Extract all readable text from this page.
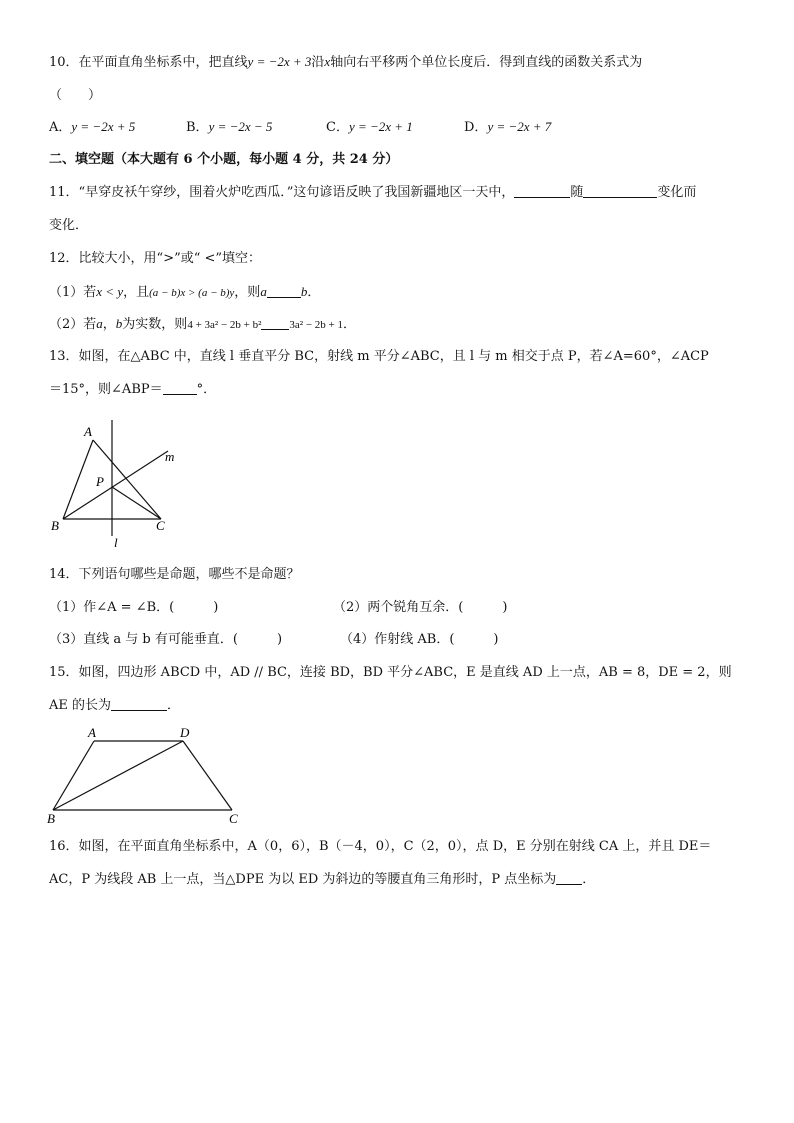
10．在平面直角坐标系中，把直线y = −2x + 3沿x轴向右平移两个单位长度后．得到直线的函数关系式为
（　　）
A．y = −2x + 5	B．y = −2x − 5	C．y = −2x + 1	D．y = −2x + 7
二、填空题（本大题有 6 个小题，每小题 4 分，共 24 分）
11．“早穿皮袄午穿纱，围着火炉吃西瓜．”这句谚语反映了我国新疆地区一天中，	随	变化而
变化．
12．比较大小，用“>”或“ <”填空：
（1）若x < y，且(a − b)x > (a − b)y，则a	b．
（2）若a，b为实数，则4 + 3a² − 2b + b²	3a² − 2b + 1．
13．如图，在△ABC 中，直线 l 垂直平分 BC，射线 m 平分∠ABC，且 l 与 m 相交于点 P，若∠A=60°，∠ACP
＝15°，则∠ABP＝	°．
A
B	C
P
m
l
14．下列语句哪些是命题，哪些不是命题？
（1）作∠A = ∠B．(　　　)	（2）两个锐角互余．(　　　)
（3）直线 a 与 b 有可能垂直．(　　　)	（4）作射线 AB．(　　　)
15．如图，四边形 ABCD 中，AD // BC，连接 BD，BD 平分∠ABC，E 是直线 AD 上一点，AB = 8，DE = 2，则
AE 的长为	．
A	D
B	C
16．如图，在平面直角坐标系中，A（0，6），B（－4，0），C（2，0），点 D，E 分别在射线 CA 上，并且 DE＝
AC，P 为线段 AB 上一点，当△DPE 为以 ED 为斜边的等腰直角三角形时，P 点坐标为 ．
